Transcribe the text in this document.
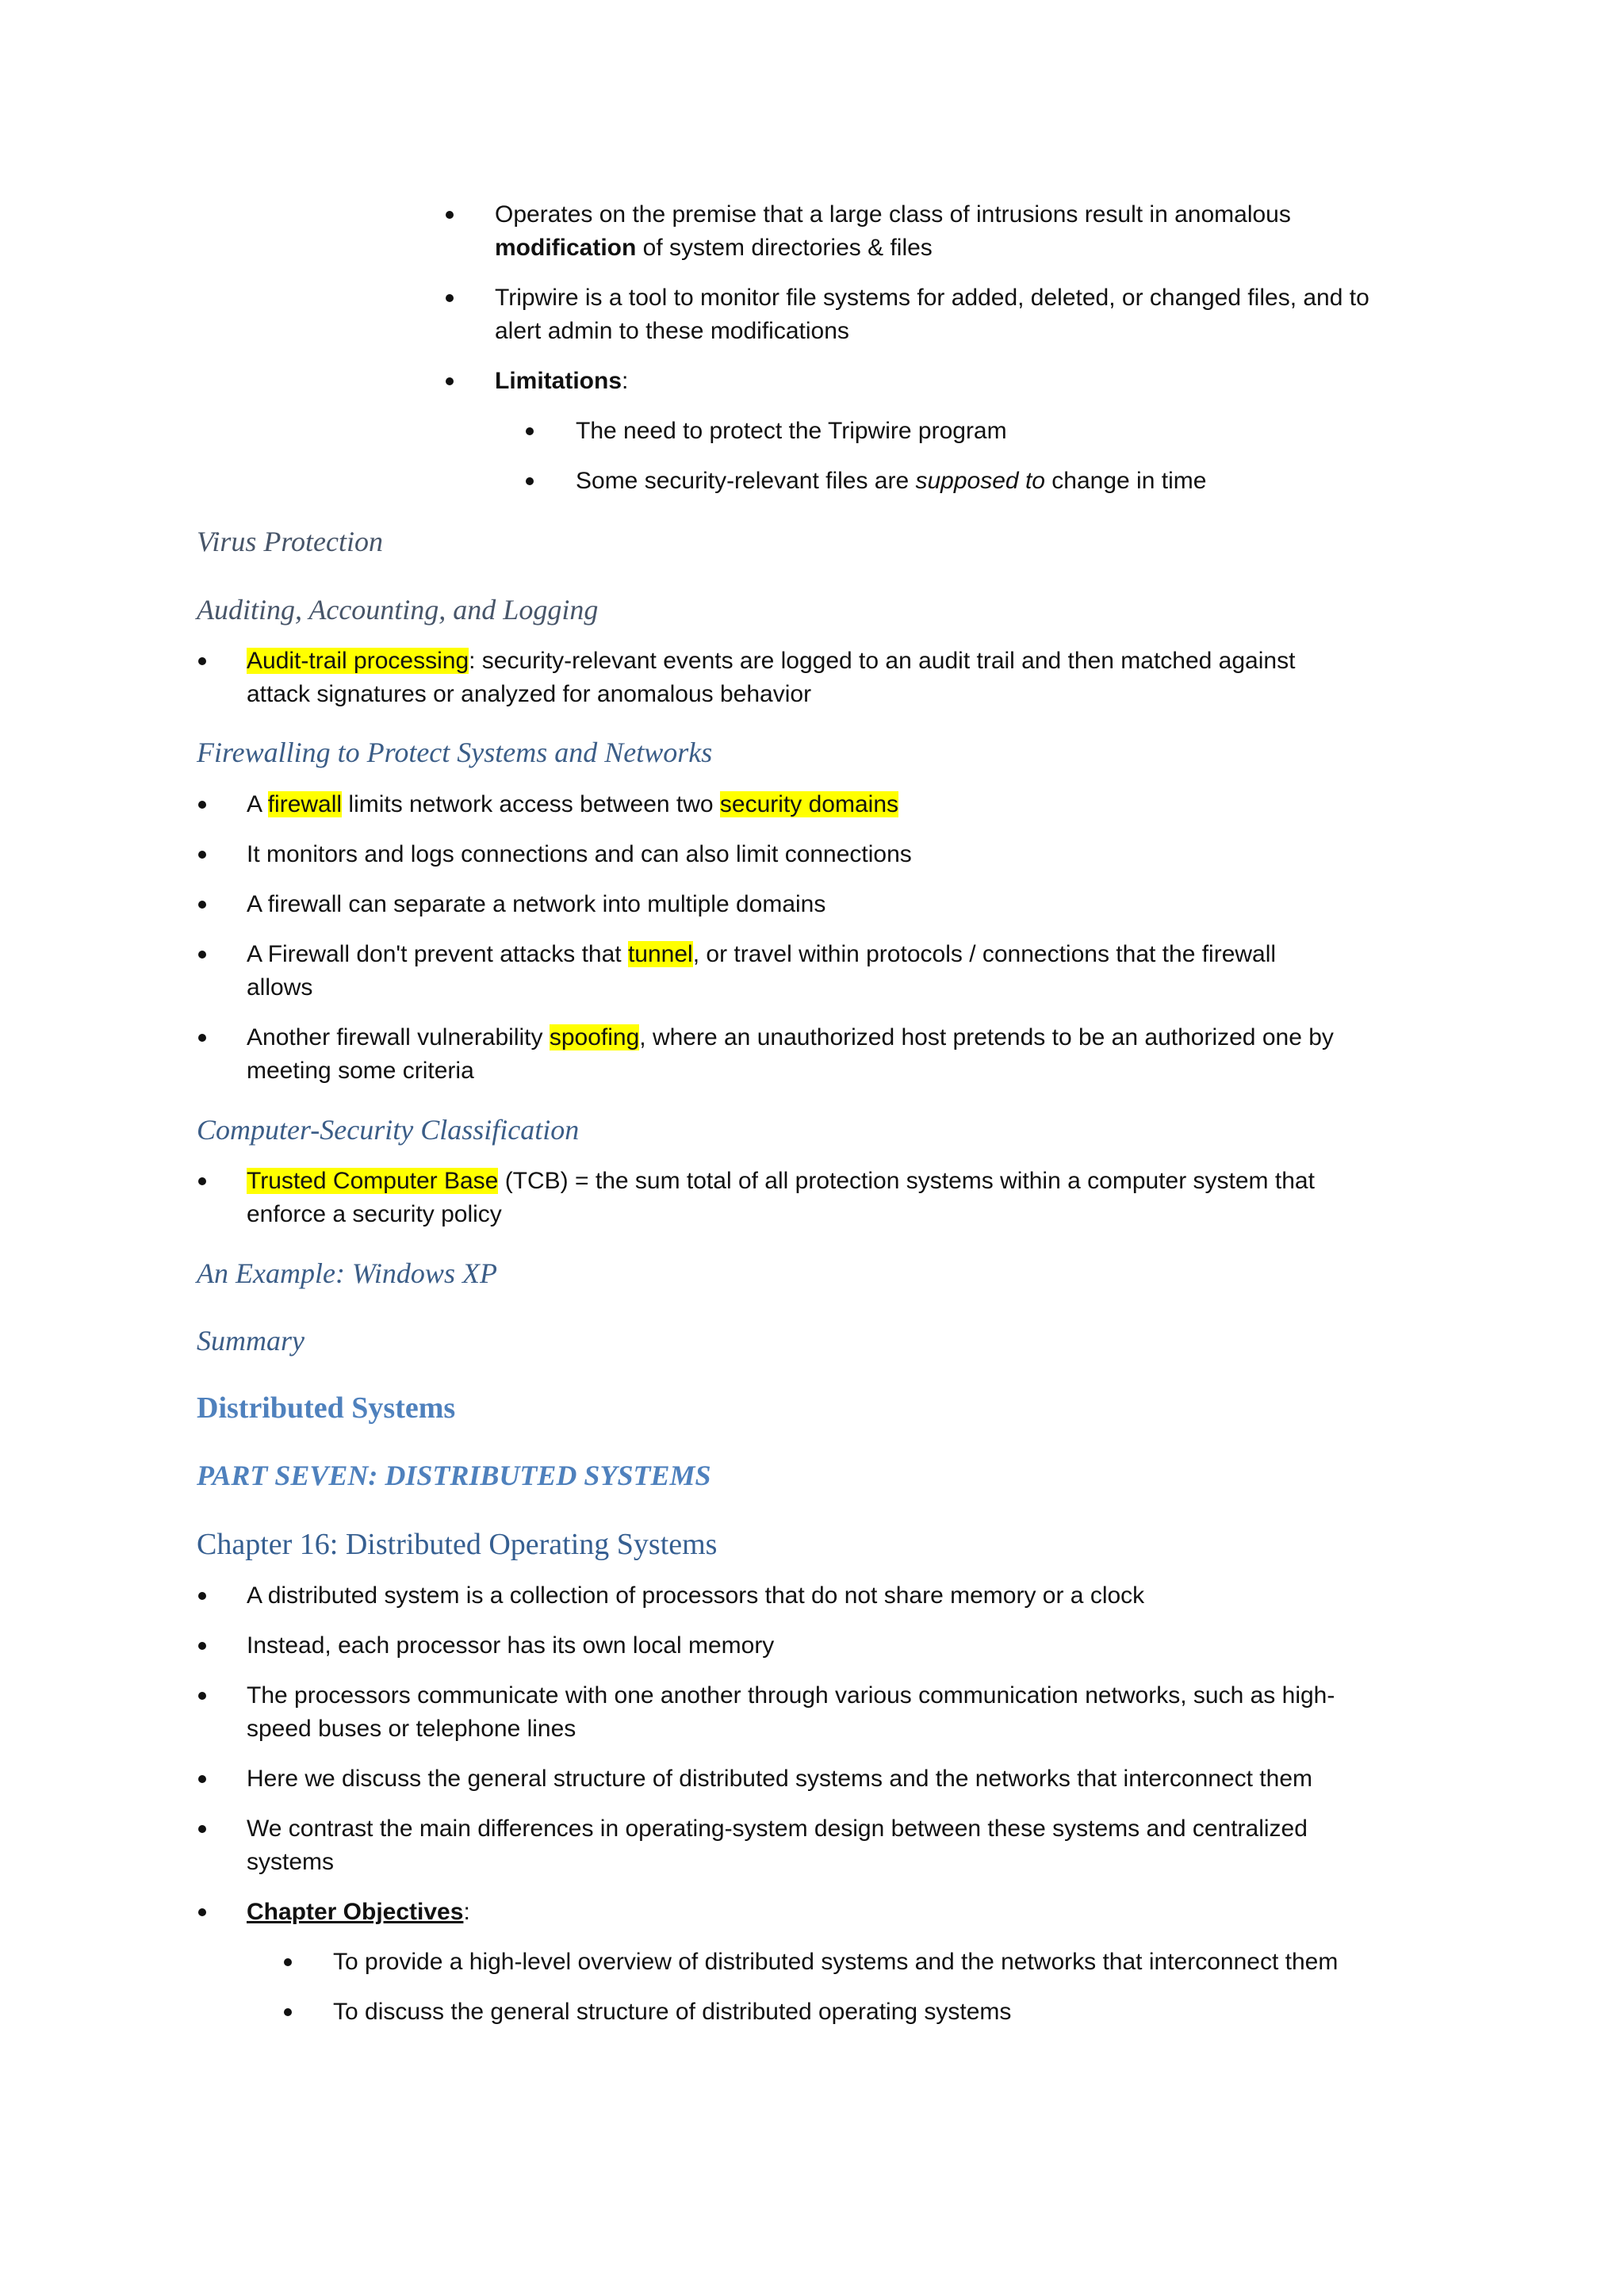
Operates on the premise that a large class of intrusions result in anomalous
modification of system directories & files
Tripwire is a tool to monitor file systems for added, deleted, or changed files, and to
alert admin to these modifications
Limitations:
The need to protect the Tripwire program
Some security-relevant files are supposed to change in time
Virus Protection
Auditing, Accounting, and Logging
Audit-trail processing: security-relevant events are logged to an audit trail and then matched against
attack signatures or analyzed for anomalous behavior
Firewalling to Protect Systems and Networks
A firewall limits network access between two security domains
It monitors and logs connections and can also limit connections
A firewall can separate a network into multiple domains
A Firewall don't prevent attacks that tunnel, or travel within protocols / connections that the firewall
allows
Another firewall vulnerability spoofing, where an unauthorized host pretends to be an authorized one by
meeting some criteria
Computer-Security Classification
Trusted Computer Base (TCB) = the sum total of all protection systems within a computer system that
enforce a security policy
An Example: Windows XP
Summary
Distributed Systems
PART SEVEN: DISTRIBUTED SYSTEMS
Chapter 16: Distributed Operating Systems
A distributed system is a collection of processors that do not share memory or a clock
Instead, each processor has its own local memory
The processors communicate with one another through various communication networks, such as high-
speed buses or telephone lines
Here we discuss the general structure of distributed systems and the networks that interconnect them
We contrast the main differences in operating-system design between these systems and centralized
systems
Chapter Objectives:
To provide a high-level overview of distributed systems and the networks that interconnect them
To discuss the general structure of distributed operating systems
